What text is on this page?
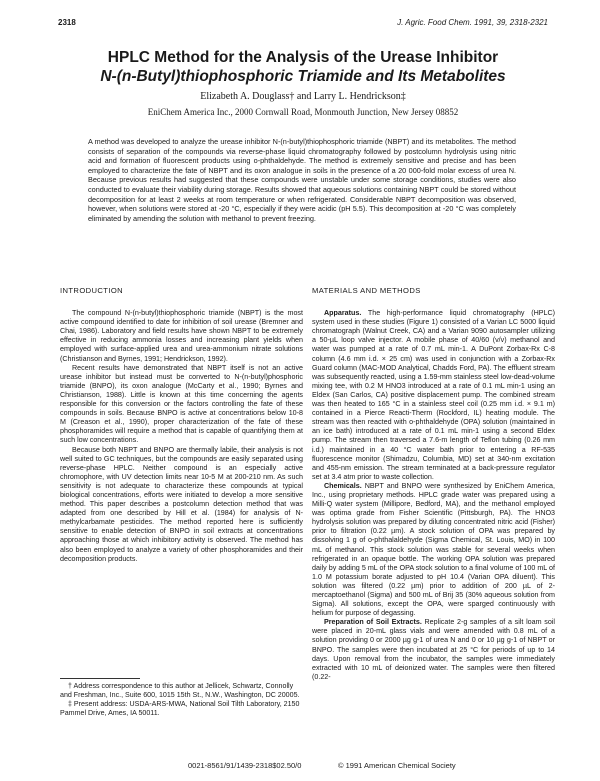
2318	J. Agric. Food Chem. 1991, 39, 2318-2321
HPLC Method for the Analysis of the Urease Inhibitor
N-(n-Butyl)thiophosphoric Triamide and Its Metabolites
Elizabeth A. Douglass† and Larry L. Hendrickson‡
EniChem America Inc., 2000 Cornwall Road, Monmouth Junction, New Jersey 08852
A method was developed to analyze the urease inhibitor N-(n-butyl)thiophosphoric triamide (NBPT) and its metabolites. The method consists of separation of the compounds via reverse-phase liquid chromatography followed by postcolumn hydrolysis using nitric acid and formation of fluorescent products using o-phthaldehyde. The method is extremely sensitive and precise and has been employed to characterize the fate of NBPT and its oxon analogue in soils in the presence of a 20 000-fold molar excess of urea N. Because previous results had suggested that these compounds were unstable under some storage conditions, studies were also conducted to evaluate their viability during storage. Results showed that aqueous solutions containing NBPT could be stored without decomposition for at least 2 weeks at room temperature or when refrigerated. Considerable NBPT decomposition was observed, however, when solutions were stored at -20 °C, especially if they were acidic (pH 5.5). This decomposition at -20 °C was completely eliminated by amending the solution with methanol to prevent freezing.
INTRODUCTION

The compound N-(n-butyl)thiophosphoric triamide (NBPT) is the most active compound identified to date for inhibition of soil urease (Bremner and Chai, 1986). Laboratory and field results have shown NBPT to be extremely effective in reducing ammonia losses and increasing plant yields when employed with surface-applied urea and urea-ammonium nitrate solutions (Christianson and Byrnes, 1991; Hendrickson, 1992).

Recent results have demonstrated that NBPT itself is not an active urease inhibitor but instead must be converted to N-(n-butyl)phosphoric triamide (BNPO), its oxon analogue (McCarty et al., 1990; Byrnes and Christianson, 1988). Little is known at this time concerning the agents responsible for this conversion or the factors controlling the fate of these compounds in soils. Because BNPO is active at concentrations below 10-8 M (Creason et al., 1990), proper characterization of the fate of these phosphoramides will require a method that is capable of quantifying them at such low concentrations.

Because both NBPT and BNPO are thermally labile, their analysis is not well suited to GC techniques, but the compounds are easily separated using reverse-phase HPLC. Neither compound is an especially active chromophore, with UV detection limits near 10-5 M at 200-210 nm. As such sensitivity is not adequate to characterize these compounds at typical biological concentrations, efforts were initiated to develop a more sensitive method. This paper describes a postcolumn detection method that was adapted from one described by Hill et al. (1984) for analysis of N-methylcarbamate pesticides. The method reported here is sufficiently sensitive to enable detection of BNPO in soil extracts at concentrations approaching those at which inhibitory activity is observed. The method has also been employed to analyze a variety of other phosphoramides and their decomposition products.

† Address correspondence to this author at Jellicek, Schwartz, Connolly and Freshman, Inc., Suite 600, 1015 15th St., N.W., Washington, DC 20005.

‡ Present address: USDA-ARS-MWA, National Soil Tilth Laboratory, 2150 Pammel Drive, Ames, IA 50011.

MATERIALS AND METHODS

Apparatus. The high-performance liquid chromatography (HPLC) system used in these studies (Figure 1) consisted of a Varian LC 5000 liquid chromatograph (Walnut Creek, CA) and a Varian 9090 autosampler utilizing a 50-µL loop valve injector. A mobile phase of 40/60 (v/v) methanol and water was pumped at a rate of 0.7 mL min-1. A DuPont Zorbax-Rx C-8 column (4.6 mm i.d. × 25 cm) was used in conjunction with a Zorbax-Rx Guard column (MAC-MOD Analytical, Chadds Ford, PA). The effluent stream was subsequently reacted, using a 1.59-mm stainless steel low-dead-volume mixing tee, with 0.2 M HNO3 introduced at a rate of 0.1 mL min-1 using an Eldex (San Carlos, CA) positive displacement pump. The combined stream was then heated to 165 °C in a stainless steel coil (0.25 mm i.d. × 9.1 m) contained in a Pierce Reacti-Therm (Rockford, IL) heating module. The stream was then reacted with o-phthaldehyde (OPA) solution (maintained in an ice bath) introduced at a rate of 0.1 mL min-1 using a second Eldex pump. The stream then traversed a 7.6-m length of Teflon tubing (0.26 mm i.d.) maintained in a 40 °C water bath prior to entering a RF-535 fluorescence monitor (Shimadzu, Columbia, MD) set at 340-nm excitation and 455-nm emission. The stream terminated at a back-pressure regulator set at 3.4 atm prior to waste collection.

Chemicals. NBPT and BNPO were synthesized by EniChem America, Inc., using proprietary methods. HPLC grade water was prepared using a Milli-Q water system (Millipore, Bedford, MA), and the methanol employed was optima grade from Fisher Scientific (Pittsburgh, PA). The HNO3 hydrolysis solution was prepared by diluting concentrated nitric acid (Fisher) prior to filtration (0.22 µm). A stock solution of OPA was prepared by dissolving 1 g of o-phthalaldehyde (Sigma Chemical, St. Louis, MO) in 100 mL of methanol. This stock solution was stable for several weeks when refrigerated in an opaque bottle. The working OPA solution was prepared daily by adding 5 mL of the OPA stock solution to a final volume of 100 mL of 1.0 M potassium borate adjusted to pH 10.4 (Varian OPA diluent). This solution was filtered (0.22 µm) prior to addition of 200 µL of 2-mercaptoethanol (Sigma) and 500 mL of Brij 35 (30% aqueous solution from Sigma). All solutions, except the OPA, were sparged continuously with helium for purpose of degassing.

Preparation of Soil Extracts. Replicate 2-g samples of a silt loam soil were placed in 20-mL glass vials and were amended with 0.8 mL of a solution providing 0 or 2000 µg g-1 of urea N and 0 or 10 µg g-1 of NBPT or BNPO. The samples were then incubated at 25 °C for periods of up to 14 days. Upon removal from the incubator, the samples were immediately extracted with 10 mL of deionized water. The samples were then filtered (0.22-

0021-8561/91/1439-2318$02.50/0	© 1991 American Chemical Society
